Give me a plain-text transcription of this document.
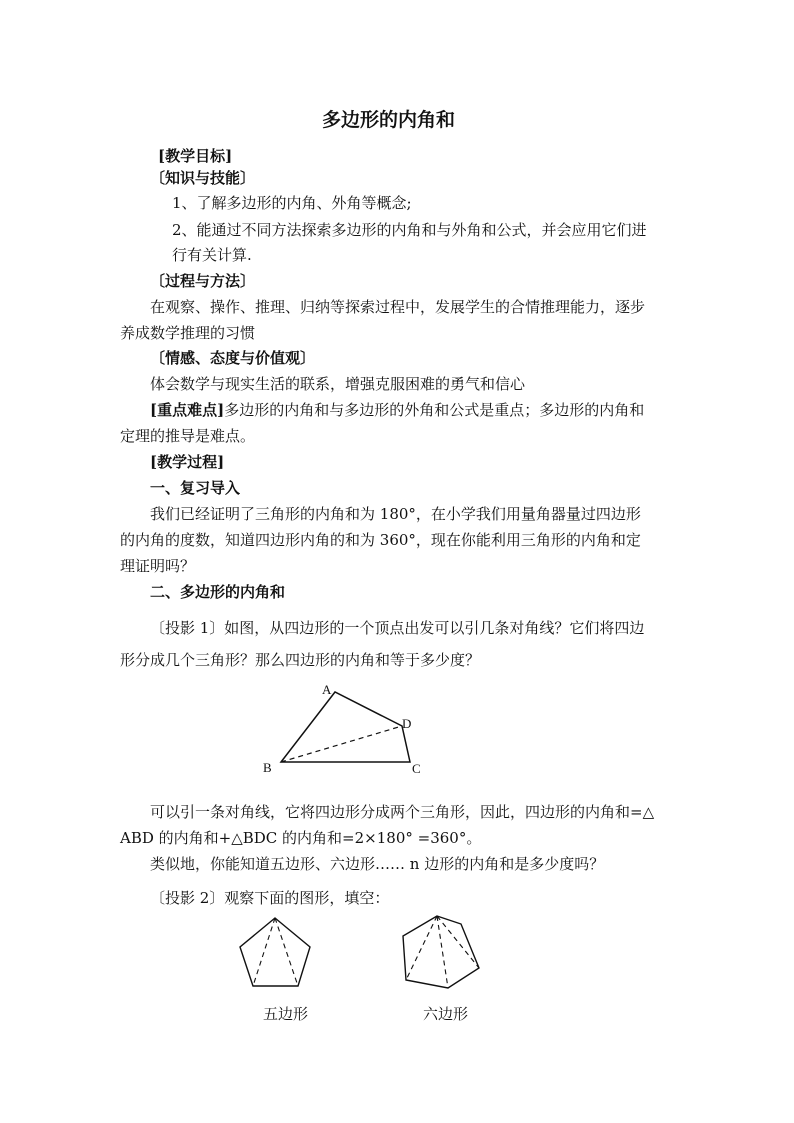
多边形的内角和
[教学目标]
〔知识与技能〕
1、了解多边形的内角、外角等概念;
2、能通过不同方法探索多边形的内角和与外角和公式，并会应用它们进
行有关计算.
〔过程与方法〕
在观察、操作、推理、归纳等探索过程中，发展学生的合情推理能力，逐步
养成数学推理的习惯
〔情感、态度与价值观〕
体会数学与现实生活的联系，增强克服困难的勇气和信心
[重点难点]多边形的内角和与多边形的外角和公式是重点；多边形的内角和
定理的推导是难点。
[教学过程]
一、复习导入
我们已经证明了三角形的内角和为 180°，在小学我们用量角器量过四边形
的内角的度数，知道四边形内角的和为 360°，现在你能利用三角形的内角和定
理证明吗？
二、多边形的内角和
〔投影 1〕如图，从四边形的一个顶点出发可以引几条对角线？它们将四边
形分成几个三角形？那么四边形的内角和等于多少度？
A
B	C
D
可以引一条对角线，它将四边形分成两个三角形，因此，四边形的内角和=△
ABD 的内角和+△BDC 的内角和=2×180° =360°。
类似地，你能知道五边形、六边形…… n 边形的内角和是多少度吗？
〔投影 2〕观察下面的图形，填空：
五边形	六边形
